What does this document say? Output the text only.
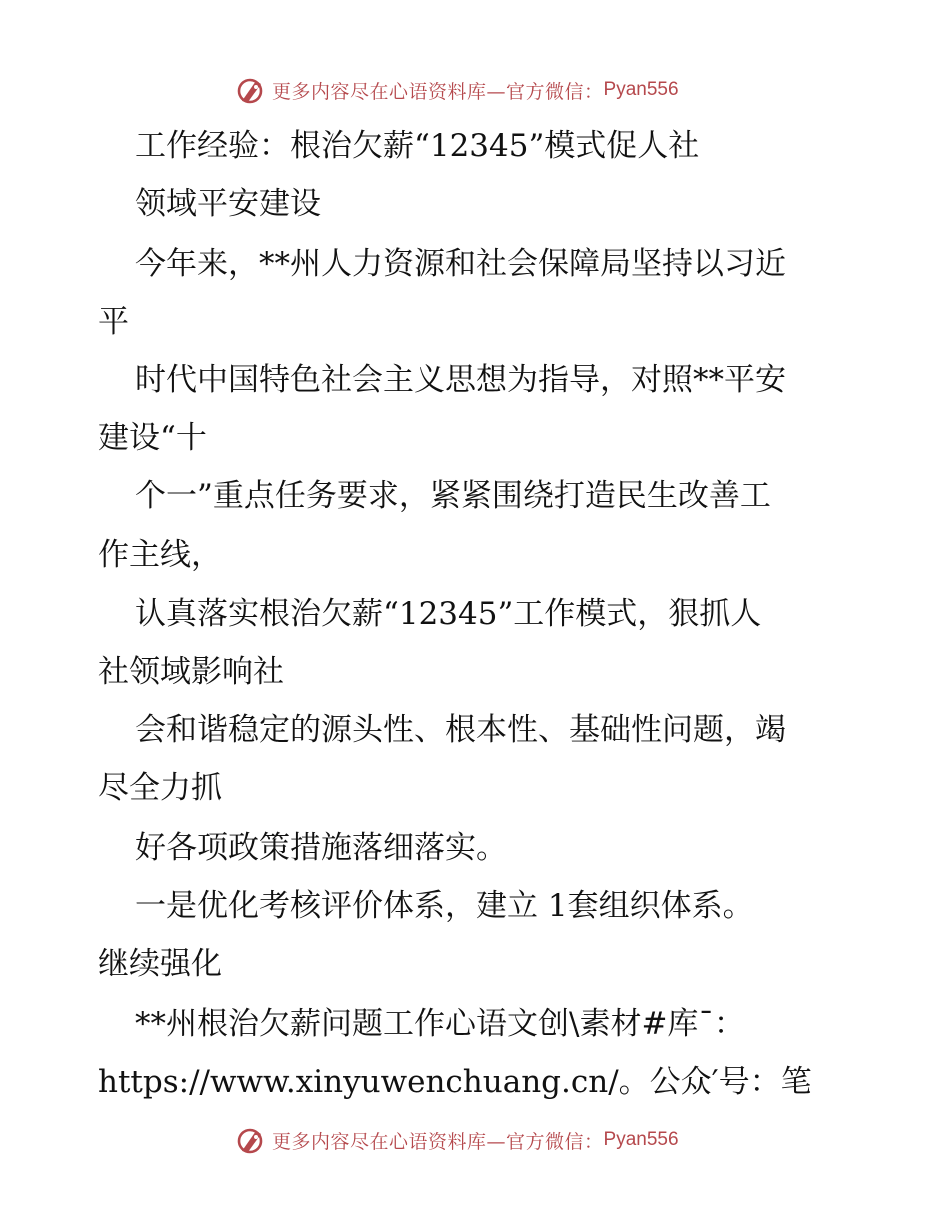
更多内容尽在心语资料库—官方微信： Pyan556
工作经验：根治欠薪“12345”模式促人社
领域平安建设
今年来，**州人力资源和社会保障局坚持以习近
平
时代中国特色社会主义思想为指导，对照**平安
建设“十
个一”重点任务要求，紧紧围绕打造民生改善工
作主线，
认真落实根治欠薪“12345”工作模式，狠抓人
社领域影响社
会和谐稳定的源头性、根本性、基础性问题，竭
尽全力抓
好各项政策措施落细落实。
一是优化考核评价体系，建立 1套组织体系。
继续强化
**州根治欠薪问题工作心语文创\素材#库¯：
https://www.xinyuwenchuang.cn/。公众′号：笔
更多内容尽在心语资料库—官方微信： Pyan556
